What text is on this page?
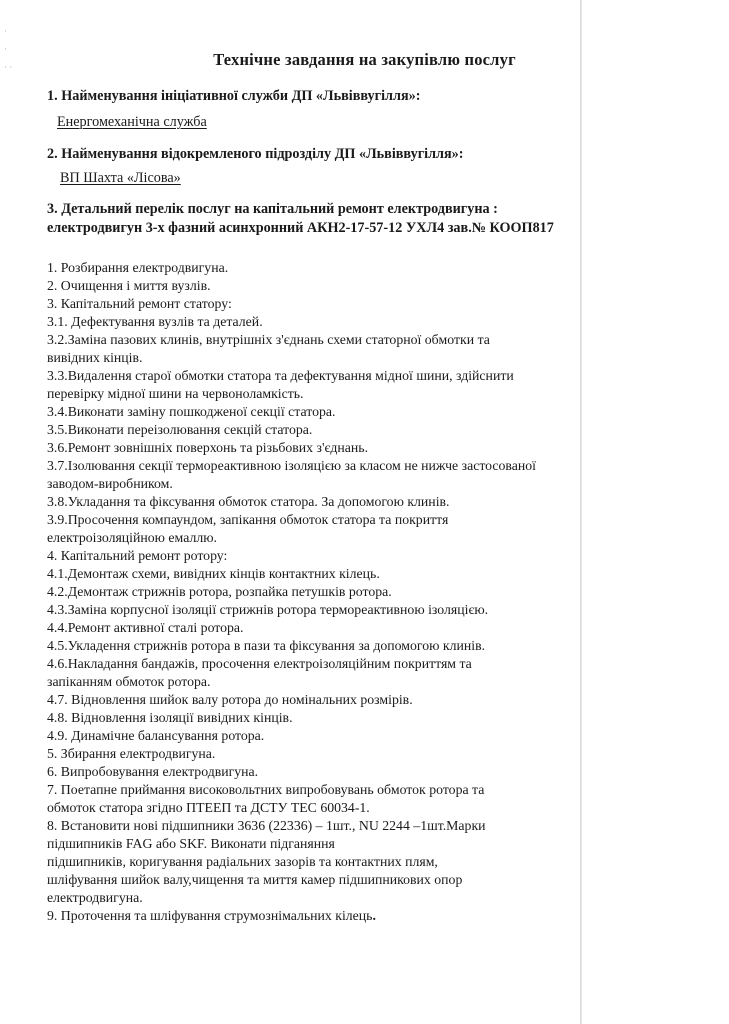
·
·
· ·	Технічне завдання на закупівлю послуг
1. Найменування ініціативної служби ДП «Львіввугілля»:
Енергомеханічна служба
2. Найменування відокремленого підрозділу ДП «Львіввугілля»:
ВП Шахта «Лісова»
3. Детальний перелік послуг на капітальний ремонт електродвигуна :
електродвигун 3-х фазний асинхронний АКН2-17-57-12 УХЛ4 зав.№ КООП817

1. Розбирання електродвигуна.

2. Очищення і миття вузлів.

3. Капітальний ремонт статору:

3.1. Дефектування вузлів та деталей.

3.2.Заміна пазових клинів, внутрішніх з'єднань схеми статорної обмотки та

вивідних кінців.

3.3.Видалення старої обмотки статора та дефектування мідної шини, здійснити

перевірку мідної шини на червоноламкість.

3.4.Виконати заміну пошкодженої секції статора.

3.5.Виконати переізолювання секцій статора.

3.6.Ремонт зовнішніх поверхонь та різьбових з'єднань.

3.7.Ізолювання секції термореактивною ізоляцією за класом не нижче застосованої

заводом-виробником.

3.8.Укладання та фіксування обмоток статора. За допомогою клинів.

3.9.Просочення компаундом, запікання обмоток статора та покриття

електроізоляційною емаллю.

4. Капітальний ремонт ротору:

4.1.Демонтаж схеми, вивідних кінців контактних кілець.

4.2.Демонтаж стрижнів ротора, розпайка петушків ротора.

4.3.Заміна корпусної ізоляції стрижнів ротора термореактивною ізоляцією.

4.4.Ремонт активної сталі ротора.

4.5.Укладення стрижнів ротора в пази та фіксування за допомогою клинів.

4.6.Накладання бандажів, просочення електроізоляційним покриттям та

запіканням обмоток ротора.

4.7. Відновлення шийок валу ротора до номінальних розмірів.

4.8. Відновлення ізоляції вивідних кінців.

4.9. Динамічне балансування ротора.

5. Збирання електродвигуна.

6. Випробовування електродвигуна.

7. Поетапне приймання високовольтних випробовувань обмоток ротора та

обмоток статора згідно ПТЕЕП та ДСТУ ТЕС 60034-1.

8. Встановити нові підшипники 3636 (22336) – 1шт., NU 2244 –1шт.Марки

підшипників FAG або SKF. Виконати підганяння

підшипників, коригування радіальних зазорів та контактних плям,

шліфування шийок валу,чищення та миття камер підшипникових опор

електродвигуна.

9. Проточення та шліфування струмознімальних кілець.
